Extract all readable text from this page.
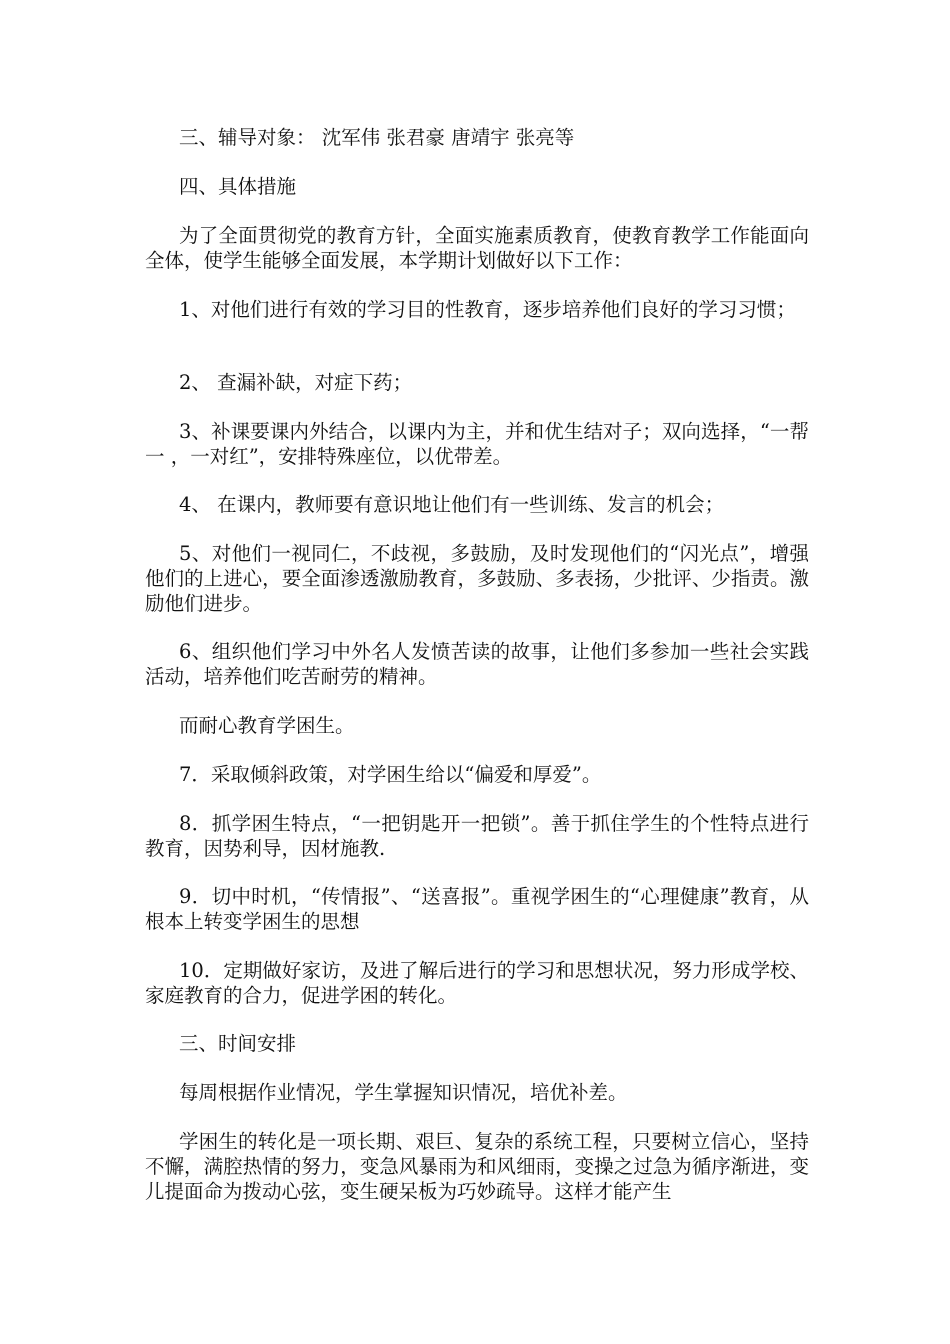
三、辅导对象： 沈军伟 张君豪 唐靖宇 张亮等

四、具体措施

为了全面贯彻党的教育方针，全面实施素质教育，使教育教学工作能面向全体，使学生能够全面发展，本学期计划做好以下工作：

1、对他们进行有效的学习目的性教育，逐步培养他们良好的学习习惯；

2、 查漏补缺，对症下药；

3、补课要课内外结合，以课内为主，并和优生结对子；双向选择，“一帮一 ，一对红”，安排特殊座位，以优带差。

4、 在课内，教师要有意识地让他们有一些训练、发言的机会；

5、对他们一视同仁，不歧视，多鼓励，及时发现他们的“闪光点”，增强他们的上进心，要全面渗透激励教育，多鼓励、多表扬，少批评、少指责。激励他们进步。

6、组织他们学习中外名人发愤苦读的故事，让他们多参加一些社会实践活动，培养他们吃苦耐劳的精神。

而耐心教育学困生。

7．采取倾斜政策，对学困生给以“偏爱和厚爱”。

8．抓学困生特点，“一把钥匙开一把锁”。善于抓住学生的个性特点进行教育，因势利导，因材施教.

9．切中时机，“传情报”、“送喜报”。重视学困生的“心理健康”教育，从根本上转变学困生的思想

10．定期做好家访，及进了解后进行的学习和思想状况，努力形成学校、家庭教育的合力，促进学困的转化。

三、时间安排

每周根据作业情况，学生掌握知识情况，培优补差。

学困生的转化是一项长期、艰巨、复杂的系统工程，只要树立信心，坚持不懈，满腔热情的努力，变急风暴雨为和风细雨，变操之过急为循序渐进，变儿提面命为拨动心弦，变生硬呆板为巧妙疏导。这样才能产生
